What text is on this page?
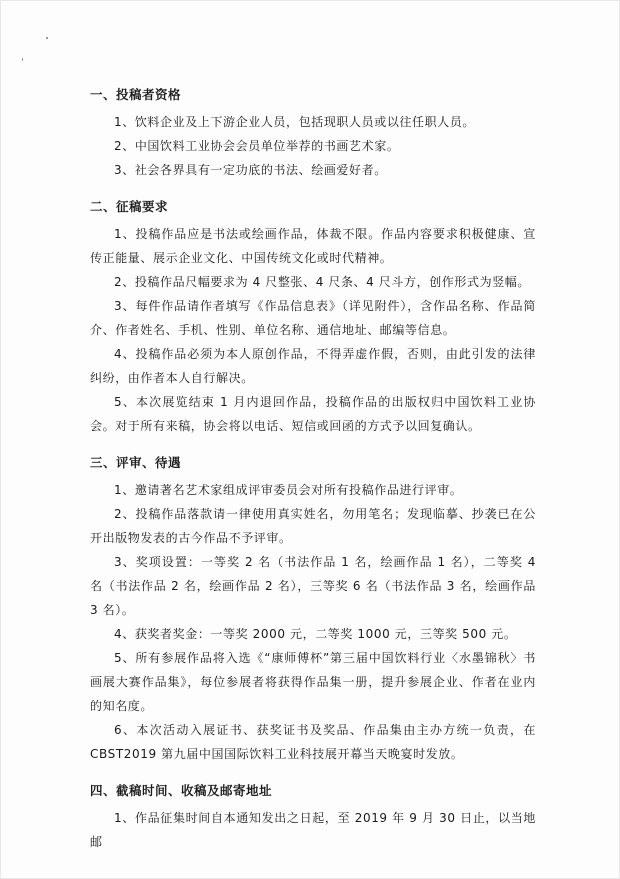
一、投稿者资格

1、饮料企业及上下游企业人员，包括现职人员或以往任职人员。

2、中国饮料工业协会会员单位举荐的书画艺术家。

3、社会各界具有一定功底的书法、绘画爱好者。

二、征稿要求

1、投稿作品应是书法或绘画作品，体裁不限。作品内容要求积极健康、宣传正能量、展示企业文化、中国传统文化或时代精神。

2、投稿作品尺幅要求为 4 尺整张、4 尺条、4 尺斗方，创作形式为竖幅。

3、每件作品请作者填写《作品信息表》（详见附件），含作品名称、作品简介、作者姓名、手机、性别、单位名称、通信地址、邮编等信息。

4、投稿作品必须为本人原创作品，不得弄虚作假，否则，由此引发的法律纠纷，由作者本人自行解决。

5、本次展览结束 1 月内退回作品，投稿作品的出版权归中国饮料工业协会。对于所有来稿，协会将以电话、短信或回函的方式予以回复确认。

三、评审、待遇

1、邀请著名艺术家组成评审委员会对所有投稿作品进行评审。

2、投稿作品落款请一律使用真实姓名，勿用笔名；发现临摹、抄袭已在公开出版物发表的古今作品不予评审。

3、奖项设置：一等奖 2 名（书法作品 1 名，绘画作品 1 名），二等奖 4 名（书法作品 2 名，绘画作品 2 名），三等奖 6 名（书法作品 3 名，绘画作品 3 名）。

4、获奖者奖金：一等奖 2000 元，二等奖 1000 元，三等奖 500 元。

5、所有参展作品将入选《“康师傅杯”第三届中国饮料行业〈水墨锦秋〉书画展大赛作品集》，每位参展者将获得作品集一册，提升参展企业、作者在业内的知名度。

6、本次活动入展证书、获奖证书及奖品、作品集由主办方统一负责，在CBST2019 第九届中国国际饮料工业科技展开幕当天晚宴时发放。

四、截稿时间、收稿及邮寄地址

1、作品征集时间自本通知发出之日起，至 2019 年 9 月 30 日止，以当地邮
